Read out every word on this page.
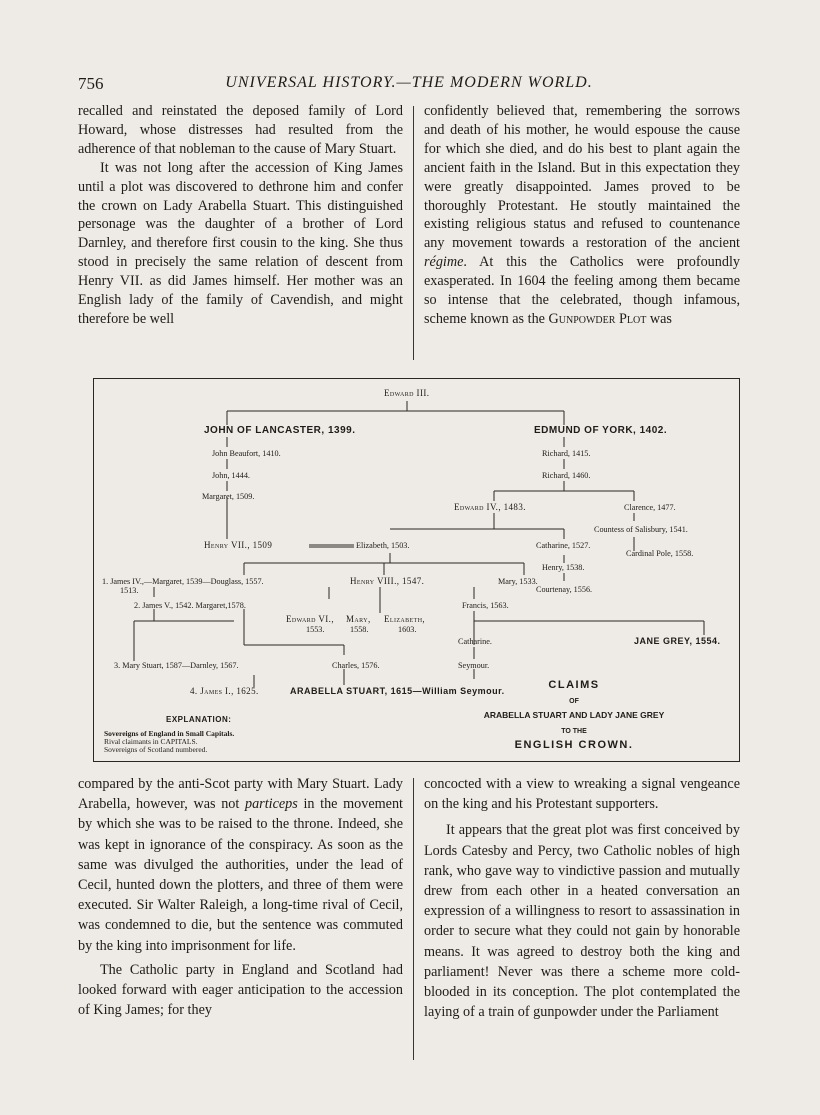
756	UNIVERSAL HISTORY.—THE MODERN WORLD.

recalled and reinstated the deposed family of Lord Howard, whose distresses had resulted from the adherence of that nobleman to the cause of Mary Stuart.

It was not long after the accession of King James until a plot was discovered to dethrone him and confer the crown on Lady Arabella Stuart. This distinguished personage was the daughter of a brother of Lord Darnley, and therefore first cousin to the king. She thus stood in precisely the same relation of descent from Henry VII. as did James himself. Her mother was an English lady of the family of Cavendish, and might therefore be well

confidently believed that, remembering the sorrows and death of his mother, he would espouse the cause for which she died, and do his best to plant again the ancient faith in the Island. But in this expectation they were greatly disappointed. James proved to be thoroughly Protestant. He stoutly maintained the existing religious status and refused to countenance any movement towards a restoration of the ancient régime. At this the Catholics were profoundly exasperated. In 1604 the feeling among them became so intense that the celebrated, though infamous, scheme known as the Gunpowder Plot was

Edward III.
JOHN OF LANCASTER, 1399.
John Beaufort, 1410.
John, 1444.
Margaret, 1509.
EDMUND OF YORK, 1402.
Richard, 1415.
Richard, 1460.
Edward IV., 1483.	Clarence, 1477.
Countess of Salisbury, 1541.
Cardinal Pole, 1558.
Henry VII., 1509	Elizabeth, 1503.	Catharine, 1527.
Henry, 1538.
Courtenay, 1556.
1. James IV.,—Margaret, 1539—Douglass, 1557.
1513.
Henry VIII., 1547.	Mary, 1533.
Francis, 1563.
2. James V., 1542. Margaret,1578.
Edward VI., Mary, Elizabeth,
1553.	1558.	1603.
Catharine.	JANE GREY, 1554.
3. Mary Stuart, 1587—Darnley, 1567.	Charles, 1576.	Seymour.
4. James I., 1625.	ARABELLA STUART, 1615—William Seymour.
EXPLANATION:
Sovereigns of England in Small Capitals.
Rival claimants in CAPITALS.
Sovereigns of Scotland numbered.
CLAIMS
OF
ARABELLA STUART AND LADY JANE GREY
TO THE
ENGLISH CROWN.

compared by the anti-Scot party with Mary Stuart. Lady Arabella, however, was not particeps in the movement by which she was to be raised to the throne. Indeed, she was kept in ignorance of the conspiracy. As soon as the same was divulged the authorities, under the lead of Cecil, hunted down the plotters, and three of them were executed. Sir Walter Raleigh, a long-time rival of Cecil, was condemned to die, but the sentence was commuted by the king into imprisonment for life.

The Catholic party in England and Scotland had looked forward with eager anticipation to the accession of King James; for they

concocted with a view to wreaking a signal vengeance on the king and his Protestant supporters.

It appears that the great plot was first conceived by Lords Catesby and Percy, two Catholic nobles of high rank, who gave way to vindictive passion and mutually drew from each other in a heated conversation an expression of a willingness to resort to assassination in order to secure what they could not gain by honorable means. It was agreed to destroy both the king and parliament! Never was there a scheme more cold-blooded in its conception. The plot contemplated the laying of a train of gunpowder under the Parliament
